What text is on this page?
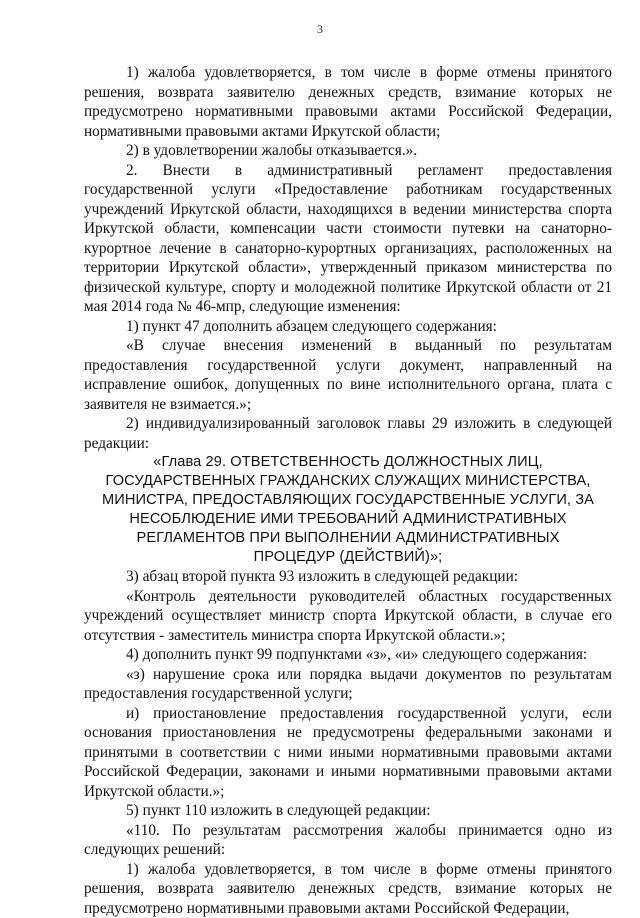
3

1) жалоба удовлетворяется, в том числе в форме отмены принятого решения, возврата заявителю денежных средств, взимание которых не предусмотрено нормативными правовыми актами Российской Федерации, нормативными правовыми актами Иркутской области;

2) в удовлетворении жалобы отказывается.».

2. Внести в административный регламент предоставления государственной услуги «Предоставление работникам государственных учреждений Иркутской области, находящихся в ведении министерства спорта Иркутской области, компенсации части стоимости путевки на санаторно-курортное лечение в санаторно-курортных организациях, расположенных на территории Иркутской области», утвержденный приказом министерства по физической культуре, спорту и молодежной политике Иркутской области от 21 мая 2014 года № 46-мпр, следующие изменения:

1) пункт 47 дополнить абзацем следующего содержания:

«В случае внесения изменений в выданный по результатам предоставления государственной услуги документ, направленный на исправление ошибок, допущенных по вине исполнительного органа, плата с заявителя не взимается.»;

2) индивидуализированный заголовок главы 29 изложить в следующей редакции:

«Глава 29. ОТВЕТСТВЕННОСТЬ ДОЛЖНОСТНЫХ ЛИЦ,
ГОСУДАРСТВЕННЫХ ГРАЖДАНСКИХ СЛУЖАЩИХ МИНИСТЕРСТВА,
МИНИСТРА, ПРЕДОСТАВЛЯЮЩИХ ГОСУДАРСТВЕННЫЕ УСЛУГИ, ЗА
НЕСОБЛЮДЕНИЕ ИМИ ТРЕБОВАНИЙ АДМИНИСТРАТИВНЫХ
РЕГЛАМЕНТОВ ПРИ ВЫПОЛНЕНИИ АДМИНИСТРАТИВНЫХ
ПРОЦЕДУР (ДЕЙСТВИЙ)»;

3) абзац второй пункта 93 изложить в следующей редакции:

«Контроль деятельности руководителей областных государственных учреждений осуществляет министр спорта Иркутской области, в случае его отсутствия - заместитель министра спорта Иркутской области.»;

4) дополнить пункт 99 подпунктами «з», «и» следующего содержания:

«з) нарушение срока или порядка выдачи документов по результатам предоставления государственной услуги;

и) приостановление предоставления государственной услуги, если основания приостановления не предусмотрены федеральными законами и принятыми в соответствии с ними иными нормативными правовыми актами Российской Федерации, законами и иными нормативными правовыми актами Иркутской области.»;

5) пункт 110 изложить в следующей редакции:

«110. По результатам рассмотрения жалобы принимается одно из следующих решений:

1) жалоба удовлетворяется, в том числе в форме отмены принятого решения, возврата заявителю денежных средств, взимание которых не предусмотрено нормативными правовыми актами Российской Федерации,
